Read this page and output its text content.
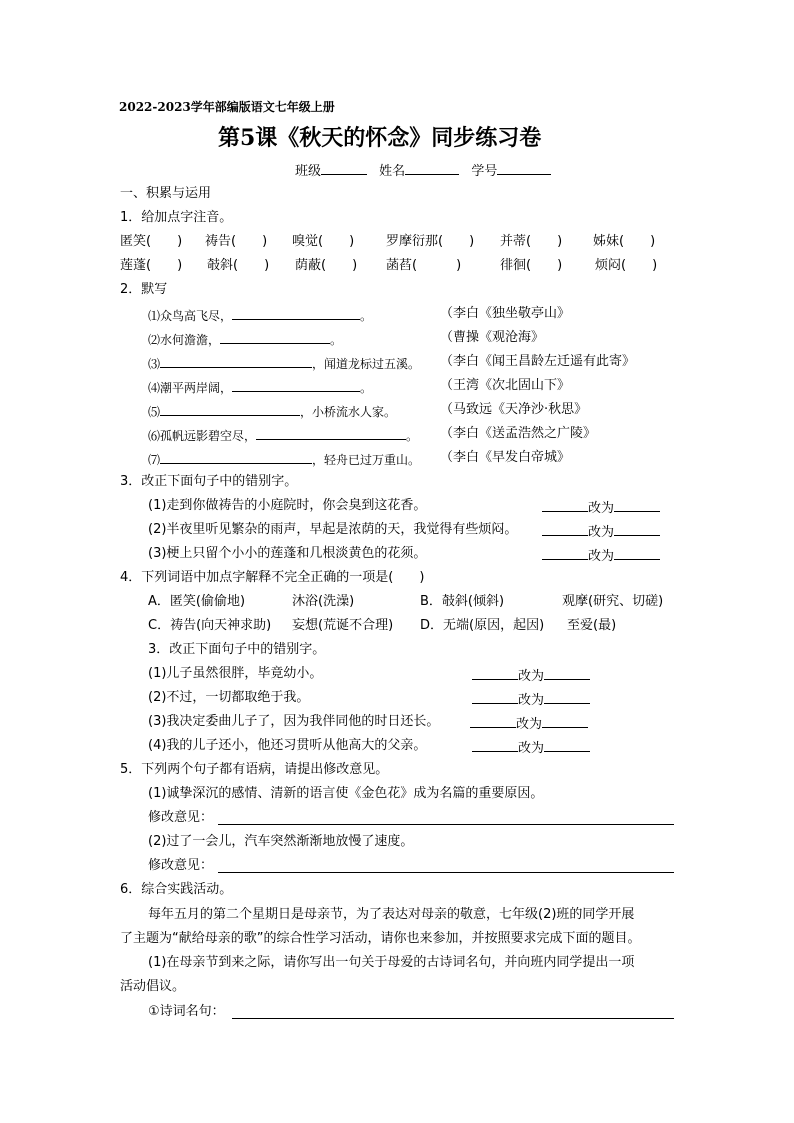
2022-2023学年部编版语文七年级上册
第5课《秋天的怀念》同步练习卷
班级	姓名	学号
一、积累与运用
1．给加点字注音。
匿笑(　　) 祷告(　　) 嗅觉(　　) 罗摩衍那(　　) 并蒂(　　) 姊妹(　　)
莲蓬(　　) 攲斜(　　) 荫蔽(　　) 菡萏(　　　)	徘徊(　　)	烦闷(　　)
2．默写
⑴众鸟高飞尽，	。	（李白《独坐敬亭山》
⑵水何澹澹，	。	（曹操《观沧海》
⑶	，闻道龙标过五溪。 （李白《闻王昌龄左迁遥有此寄》
⑷潮平两岸阔，	。	（王湾《次北固山下》
⑸	，小桥流水人家。	（马致远《天净沙·秋思》
⑹孤帆远影碧空尽，	。 （李白《送孟浩然之广陵》
⑺	，轻舟已过万重山。 （李白《早发白帝城》
3．改正下面句子中的错别字。
(1)走到你做祷告的小庭院时，你会臭到这花香。	改为
(2)半夜里听见繁杂的雨声，早起是浓荫的天，我觉得有些烦闷。	改为
(3)梗上只留个小小的莲蓬和几根淡黄色的花须。	改为
4．下列词语中加点字解释不完全正确的一项是(　　)
A．匿笑(偷偷地)	沐浴(洗澡)	B．攲斜(倾斜)	观摩(研究、切磋)
C．祷告(向天神求助) 妄想(荒诞不合理) D．无端(原因，起因) 至爱(最)
3．改正下面句子中的错别字。
(1)儿子虽然很胖，毕竟幼小。	改为
(2)不过，一切都取绝于我。	改为
(3)我决定委曲儿子了，因为我伴同他的时日还长。	改为
(4)我的儿子还小，他还习贯听从他高大的父亲。	改为
5．下列两个句子都有语病，请提出修改意见。
(1)诚挚深沉的感情、清新的语言使《金色花》成为名篇的重要原因。
修改意见：
(2)过了一会儿，汽车突然渐渐地放慢了速度。
修改意见：
6．综合实践活动。
每年五月的第二个星期日是母亲节，为了表达对母亲的敬意，七年级(2)班的同学开展
了主题为“献给母亲的歌”的综合性学习活动，请你也来参加，并按照要求完成下面的题目。
(1)在母亲节到来之际，请你写出一句关于母爱的古诗词名句，并向班内同学提出一项
活动倡议。
①诗词名句：
